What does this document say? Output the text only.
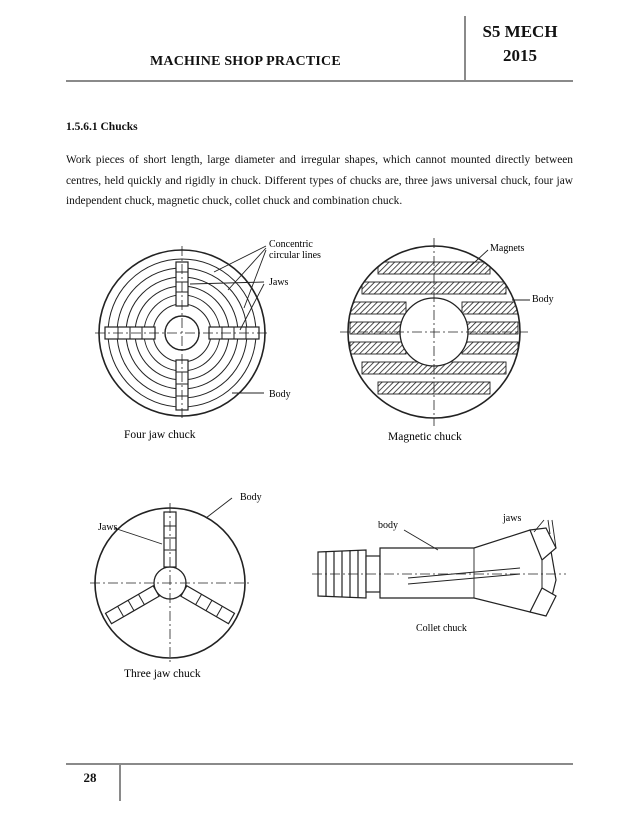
MACHINE SHOP PRACTICE
S5 MECH
2015
1.5.6.1 Chucks

Work pieces of short length, large diameter and irregular shapes, which cannot mounted directly between centres, held quickly and rigidly in chuck. Different types of chucks are, three jaws universal chuck, four jaw independent chuck, magnetic chuck, collet chuck and combination chuck.

Concentric
circular lines
Jaws
Body
Four jaw chuck
Magnets
Body
Magnetic chuck
Body
Jaws
Three jaw chuck
body
jaws
Collet chuck
28
